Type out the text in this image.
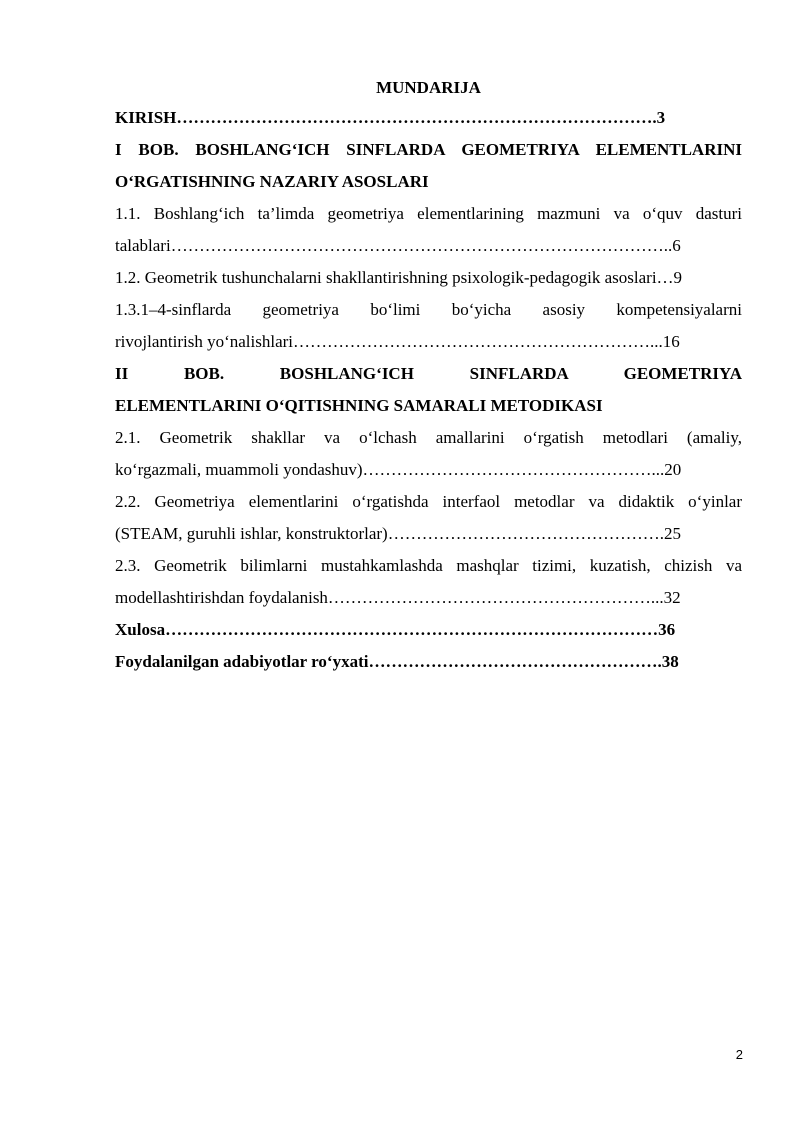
MUNDARIJA
KIRISH………………………………………………………………………….3
I BOB. BOSHLANG‘ICH SINFLARDA GEOMETRIYA ELEMENTLARINI
O‘RGATISHNING NAZARIY ASOSLARI
1.1. Boshlang‘ich ta’limda geometriya elementlarining mazmuni va o‘quv dasturi
talablari……………………………………………………………………………..6
1.2. Geometrik tushunchalarni shakllantirishning psixologik-pedagogik asoslari…9
1.3.1–4-sinflarda geometriya bo‘limi bo‘yicha asosiy kompetensiyalarni
rivojlantirish yo‘nalishlari………………………………………………………...16
II BOB. BOSHLANG‘ICH SINFLARDA GEOMETRIYA
ELEMENTLARINI O‘QITISHNING SAMARALI METODIKASI
2.1. Geometrik shakllar va o‘lchash amallarini o‘rgatish metodlari (amaliy,
ko‘rgazmali, muammoli yondashuv)……………………………………………...20
2.2. Geometriya elementlarini o‘rgatishda interfaol metodlar va didaktik o‘yinlar
(STEAM, guruhli ishlar, konstruktorlar)………………………………………….25
2.3. Geometrik bilimlarni mustahkamlashda mashqlar tizimi, kuzatish, chizish va
modellashtirishdan foydalanish…………………………………………………...32
Xulosa……………………………………………………………………………36
Foydalanilgan adabiyotlar ro‘yxati…………………………………………….38
2
